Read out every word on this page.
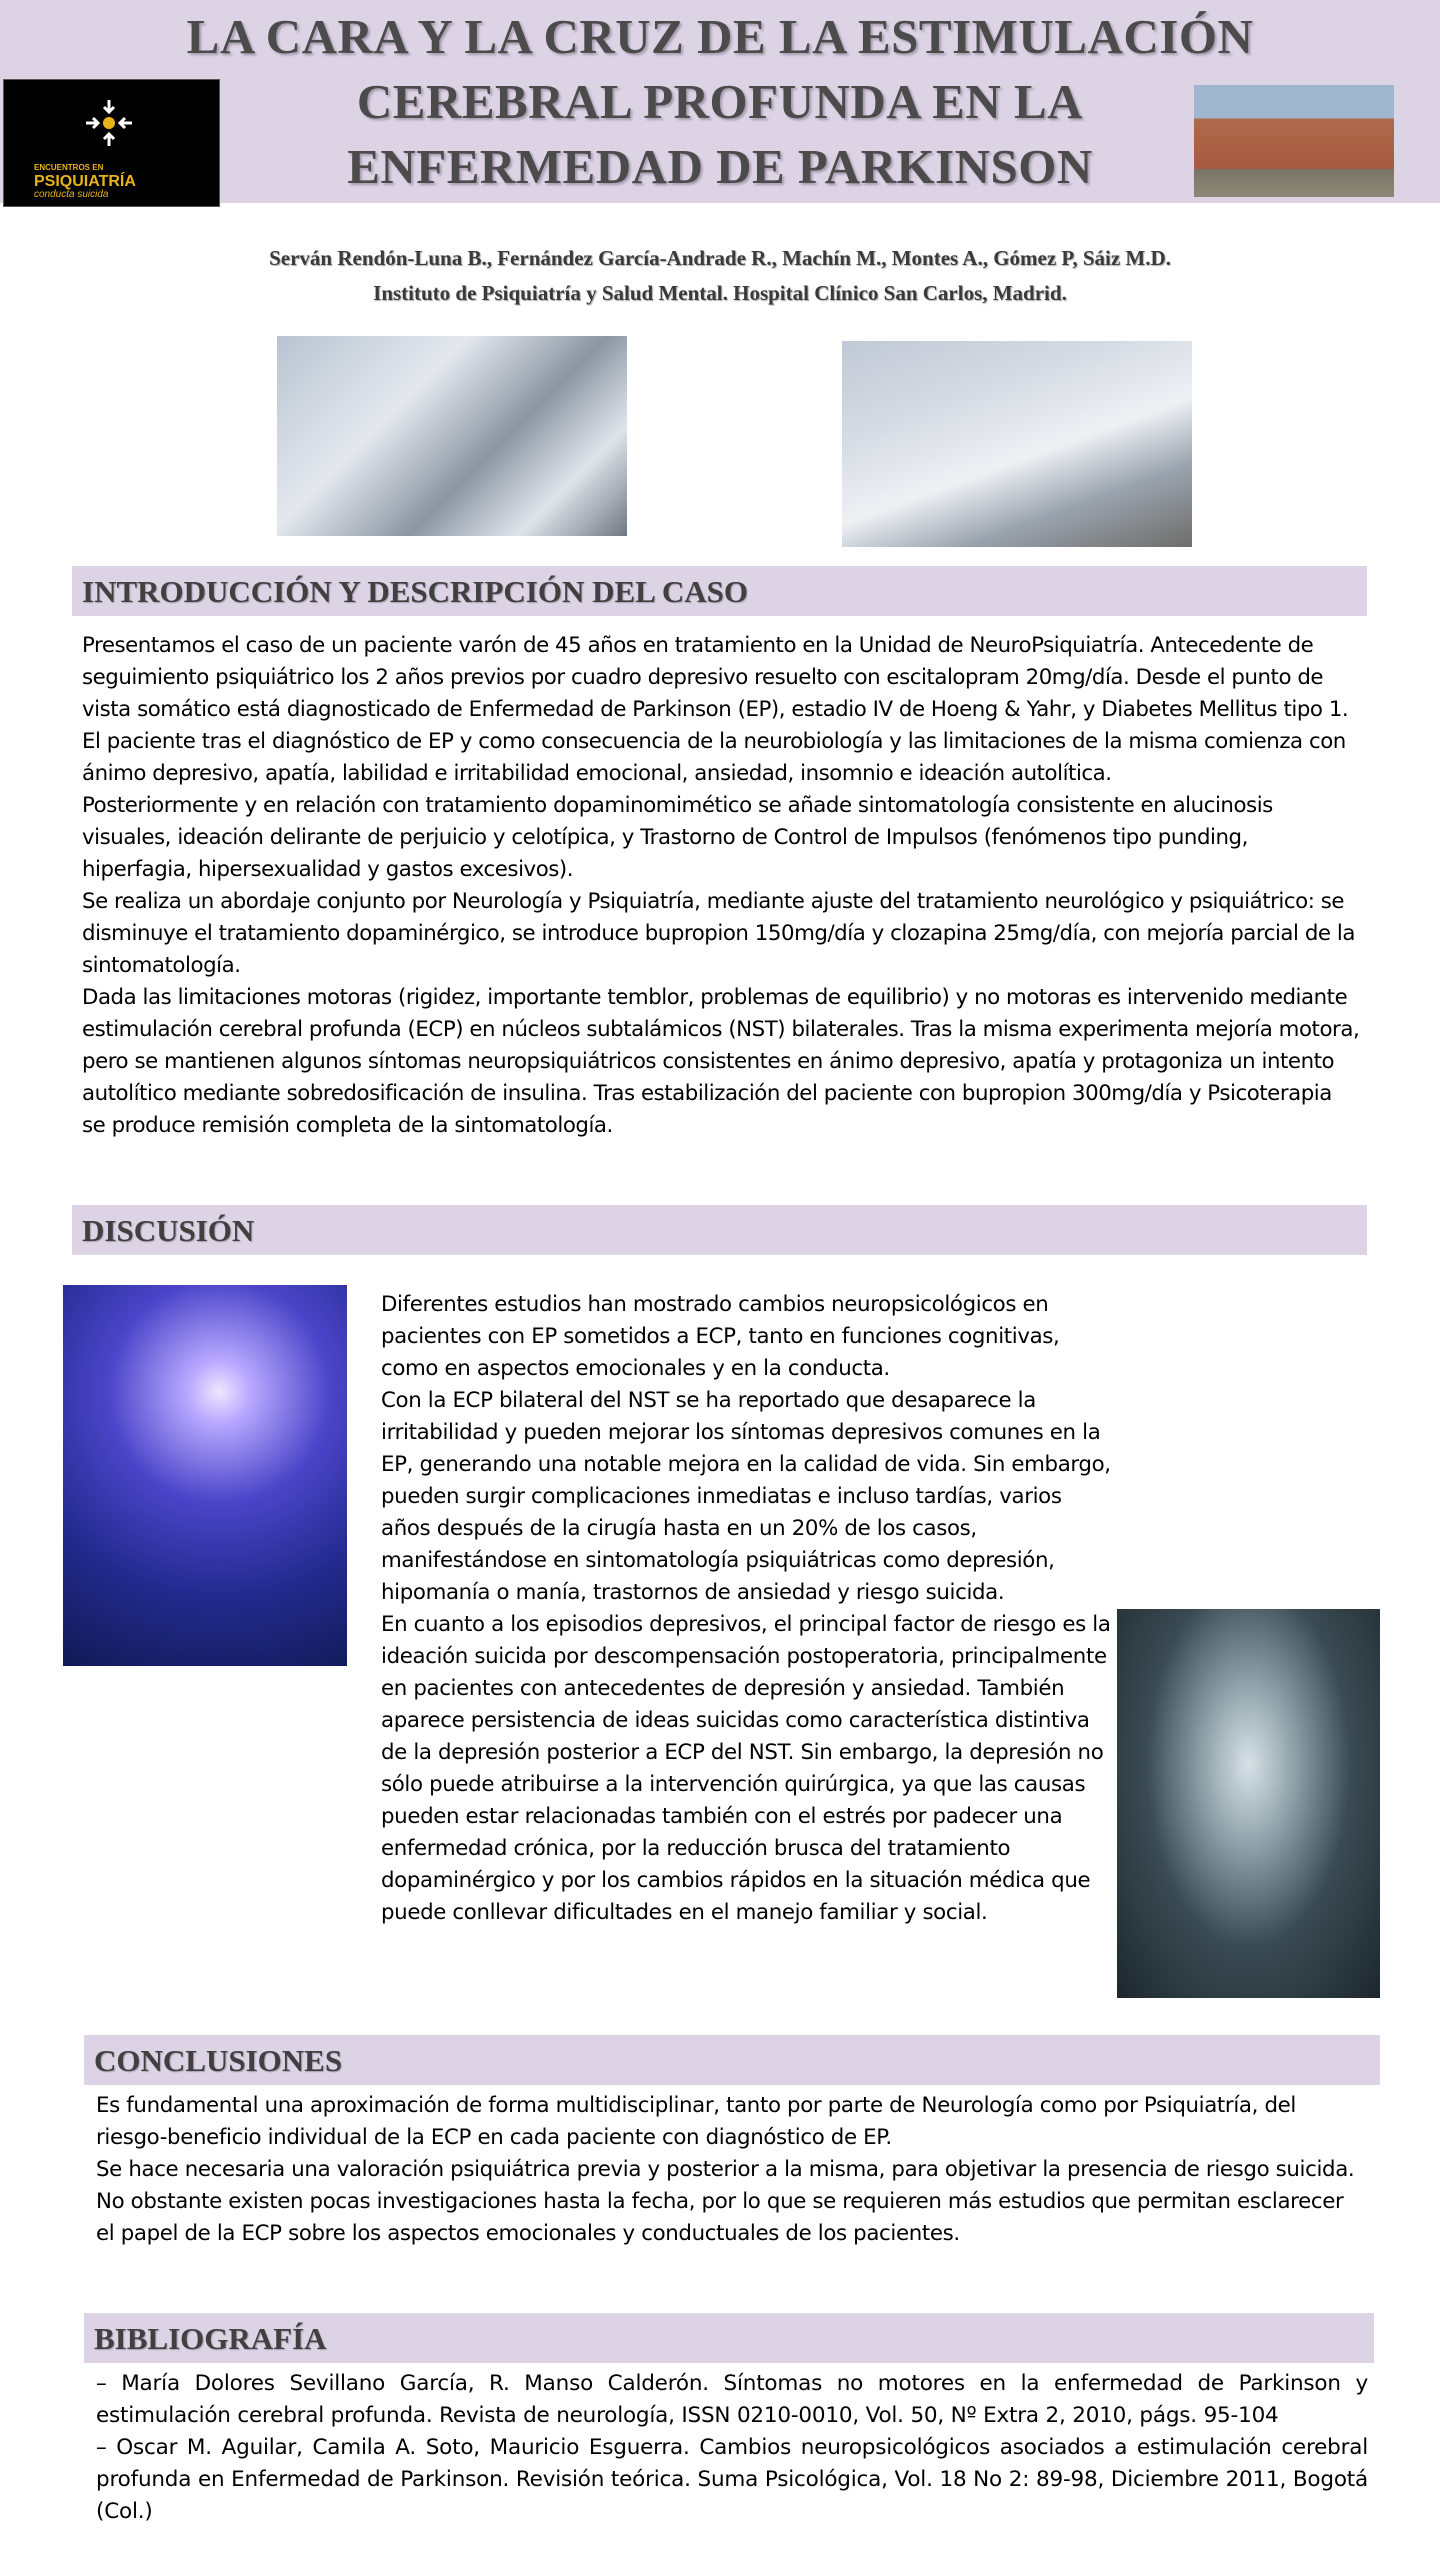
ENCUENTROS EN
PSIQUIATRÍA
conducta suicida
LA CARA Y LA CRUZ DE LA ESTIMULACIÓN
CEREBRAL PROFUNDA EN LA
ENFERMEDAD DE PARKINSON
Serván Rendón-Luna B., Fernández García-Andrade R., Machín M., Montes A., Gómez P, Sáiz M.D.
Instituto de Psiquiatría y Salud Mental. Hospital Clínico San Carlos, Madrid.
INTRODUCCIÓN Y DESCRIPCIÓN DEL CASO

Presentamos el caso de un paciente varón de 45 años en tratamiento en la Unidad de NeuroPsiquiatría. Antecedente de seguimiento psiquiátrico los 2 años previos por cuadro depresivo resuelto con escitalopram 20mg/día. Desde el punto de vista somático está diagnosticado de Enfermedad de Parkinson (EP), estadio IV de Hoeng & Yahr, y Diabetes Mellitus tipo 1.

El paciente tras el diagnóstico de EP y como consecuencia de la neurobiología y las limitaciones de la misma comienza con ánimo depresivo, apatía, labilidad e irritabilidad emocional, ansiedad, insomnio e ideación autolítica.

Posteriormente y en relación con tratamiento dopaminomimético se añade sintomatología consistente en alucinosis visuales, ideación delirante de perjuicio y celotípica, y Trastorno de Control de Impulsos (fenómenos tipo punding, hiperfagia, hipersexualidad y gastos excesivos).

Se realiza un abordaje conjunto por Neurología y Psiquiatría, mediante ajuste del tratamiento neurológico y psiquiátrico: se disminuye el tratamiento dopaminérgico, se introduce bupropion 150mg/día y clozapina 25mg/día, con mejoría parcial de la sintomatología.

Dada las limitaciones motoras (rigidez, importante temblor, problemas de equilibrio) y no motoras es intervenido mediante estimulación cerebral profunda (ECP) en núcleos subtalámicos (NST) bilaterales. Tras la misma experimenta mejoría motora, pero se mantienen algunos síntomas neuropsiquiátricos consistentes en ánimo depresivo, apatía y protagoniza un intento autolítico mediante sobredosificación de insulina. Tras estabilización del paciente con bupropion 300mg/día y Psicoterapia se produce remisión completa de la sintomatología.

DISCUSIÓN

Diferentes estudios han mostrado cambios neuropsicológicos en pacientes con EP sometidos a ECP, tanto en funciones cognitivas, como en aspectos emocionales y en la conducta.

Con la ECP bilateral del NST se ha reportado que desaparece la irritabilidad y pueden mejorar los síntomas depresivos comunes en la EP, generando una notable mejora en la calidad de vida. Sin embargo, pueden surgir complicaciones inmediatas e incluso tardías, varios años después de la cirugía hasta en un 20% de los casos, manifestándose en sintomatología psiquiátricas como depresión, hipomanía o manía, trastornos de ansiedad y riesgo suicida.

En cuanto a los episodios depresivos, el principal factor de riesgo es la ideación suicida por descompensación postoperatoria, principalmente en pacientes con antecedentes de depresión y ansiedad. También aparece persistencia de ideas suicidas como característica distintiva de la depresión posterior a ECP del NST. Sin embargo, la depresión no sólo puede atribuirse a la intervención quirúrgica, ya que las causas pueden estar relacionadas también con el estrés por padecer una enfermedad crónica, por la reducción brusca del tratamiento dopaminérgico y por los cambios rápidos en la situación médica que puede conllevar dificultades en el manejo familiar y social.

CONCLUSIONES

Es fundamental una aproximación de forma multidisciplinar, tanto por parte de Neurología como por Psiquiatría, del riesgo-beneficio individual de la ECP en cada paciente con diagnóstico de EP.

Se hace necesaria una valoración psiquiátrica previa y posterior a la misma, para objetivar la presencia de riesgo suicida.

No obstante existen pocas investigaciones hasta la fecha, por lo que se requieren más estudios que permitan esclarecer el papel de la ECP sobre los aspectos emocionales y conductuales de los pacientes.

BIBLIOGRAFÍA

– María Dolores Sevillano García, R. Manso Calderón. Síntomas no motores en la enfermedad de Parkinson y estimulación cerebral profunda. Revista de neurología, ISSN 0210-0010, Vol. 50, Nº Extra 2, 2010, págs. 95-104

– Oscar M. Aguilar, Camila A. Soto, Mauricio Esguerra. Cambios neuropsicológicos asociados a estimulación cerebral profunda en Enfermedad de Parkinson. Revisión teórica. Suma Psicológica, Vol. 18 No 2: 89-98, Diciembre 2011, Bogotá (Col.)
